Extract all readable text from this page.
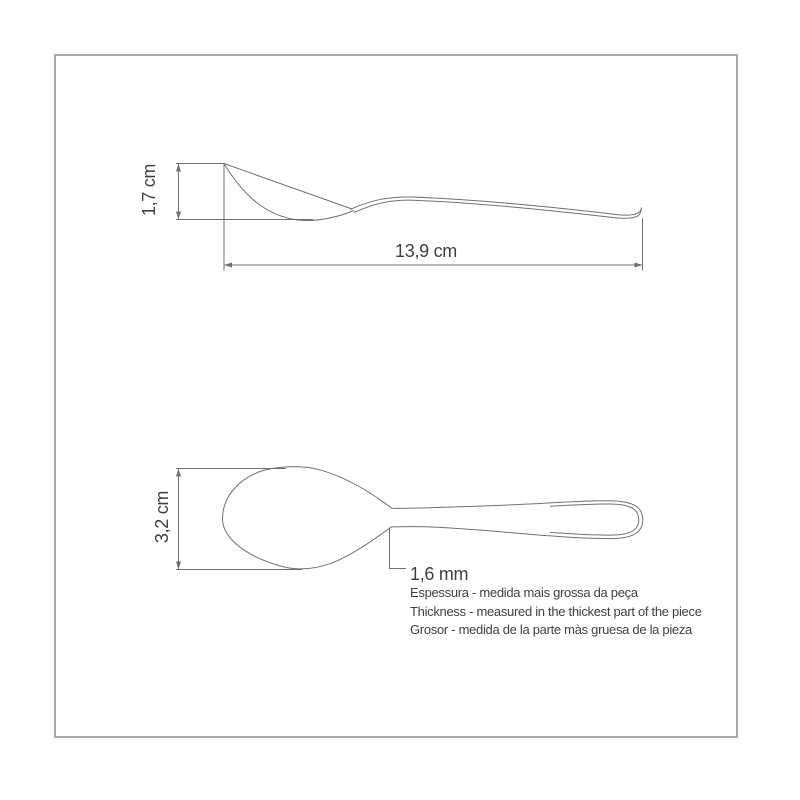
1,7 cm
13,9 cm
3,2 cm
1,6 mm
Espessura - medida mais grossa da peça
Thickness - measured in the thickest part of the piece
Grosor - medida de la parte màs gruesa de la pieza
